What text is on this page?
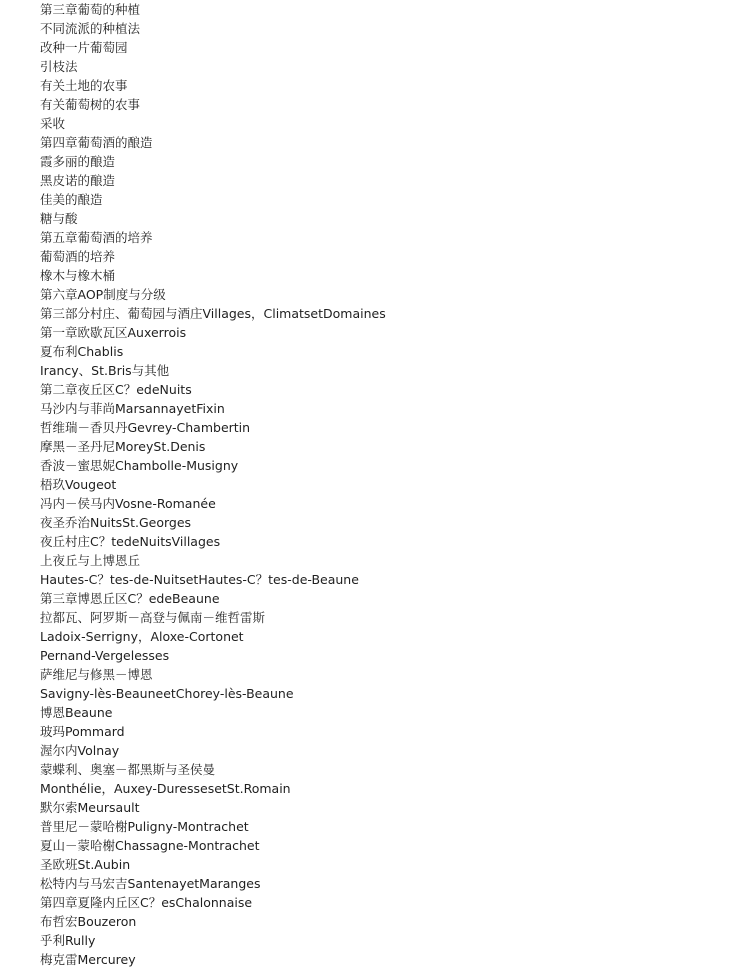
第三章葡萄的种植
不同流派的种植法
改种一片葡萄园
引枝法
有关土地的农事
有关葡萄树的农事
采收
第四章葡萄酒的酿造
霞多丽的酿造
黑皮诺的酿造
佳美的酿造
糖与酸
第五章葡萄酒的培养
葡萄酒的培养
橡木与橡木桶
第六章AOP制度与分级
第三部分村庄、葡萄园与酒庄Villages，ClimatsetDomaines
第一章欧歇瓦区Auxerrois
夏布利Chablis
Irancy、St.Bris与其他
第二章夜丘区C？edeNuits
马沙内与菲尚MarsannayetFixin
哲维瑞－香贝丹Gevrey-Chambertin
摩黑－圣丹尼MoreySt.Denis
香波－蜜思妮Chambolle-Musigny
梧玖Vougeot
冯内－侯马内Vosne-Romanée
夜圣乔治NuitsSt.Georges
夜丘村庄C？tedeNuitsVillages
上夜丘与上博恩丘
Hautes-C？tes-de-NuitsetHautes-C？tes-de-Beaune
第三章博恩丘区C？edeBeaune
拉都瓦、阿罗斯－高登与佩南－维哲雷斯
Ladoix-Serrigny，Aloxe-Cortonet
Pernand-Vergelesses
萨维尼与修黑－博恩
Savigny-lès-BeauneetChorey-lès-Beaune
博恩Beaune
玻玛Pommard
渥尔内Volnay
蒙蝶利、奥塞－都黑斯与圣侯曼
Monthélie，Auxey-DuressesetSt.Romain
默尔索Meursault
普里尼－蒙哈榭Puligny-Montrachet
夏山－蒙哈榭Chassagne-Montrachet
圣欧班St.Aubin
松特内与马宏吉SantenayetMaranges
第四章夏隆内丘区C？esChalonnaise
布哲宏Bouzeron
乎利Rully
梅克雷Mercurey
